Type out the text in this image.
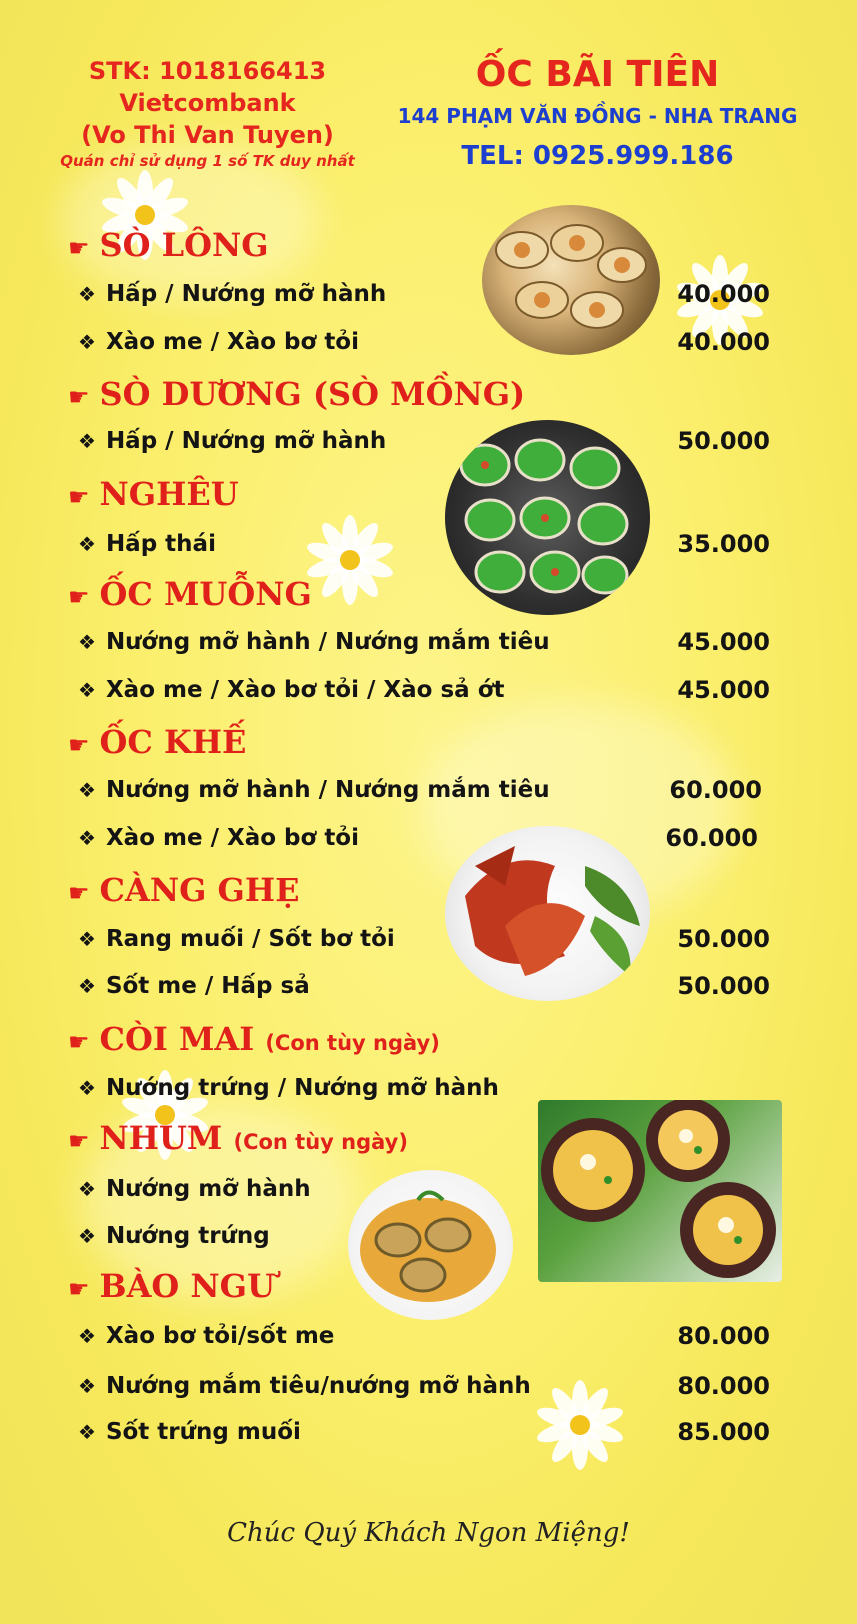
STK: 1018166413
Vietcombank
(Vo Thi Van Tuyen)
Quán chỉ sử dụng 1 số TK duy nhất
ỐC BÃI TIÊN
144 PHẠM VĂN ĐỒNG - NHA TRANG
TEL: 0925.999.186
☛ SÒ LÔNG
❖ Hấp / Nướng mỡ hành	40.000
❖ Xào me / Xào bơ tỏi	40.000
☛ SÒ DƯƠNG (SÒ MỒNG)
❖ Hấp / Nướng mỡ hành	50.000
☛ NGHÊU
❖ Hấp thái	35.000
☛ ỐC MUỖNG
❖ Nướng mỡ hành / Nướng mắm tiêu	45.000
❖ Xào me / Xào bơ tỏi / Xào sả ớt	45.000
☛ ỐC KHẾ
❖ Nướng mỡ hành / Nướng mắm tiêu	60.000
❖ Xào me / Xào bơ tỏi	60.000
☛ CÀNG GHẸ
❖ Rang muối / Sốt bơ tỏi	50.000
❖ Sốt me / Hấp sả	50.000
☛ CÒI MAI (Con tùy ngày)
❖ Nướng trứng / Nướng mỡ hành
☛ NHUM (Con tùy ngày)
❖ Nướng mỡ hành
❖ Nướng trứng
☛ BÀO NGƯ
❖ Xào bơ tỏi/sốt me	80.000
❖ Nướng mắm tiêu/nướng mỡ hành	80.000
❖ Sốt trứng muối	85.000
Chúc Quý Khách Ngon Miệng!
